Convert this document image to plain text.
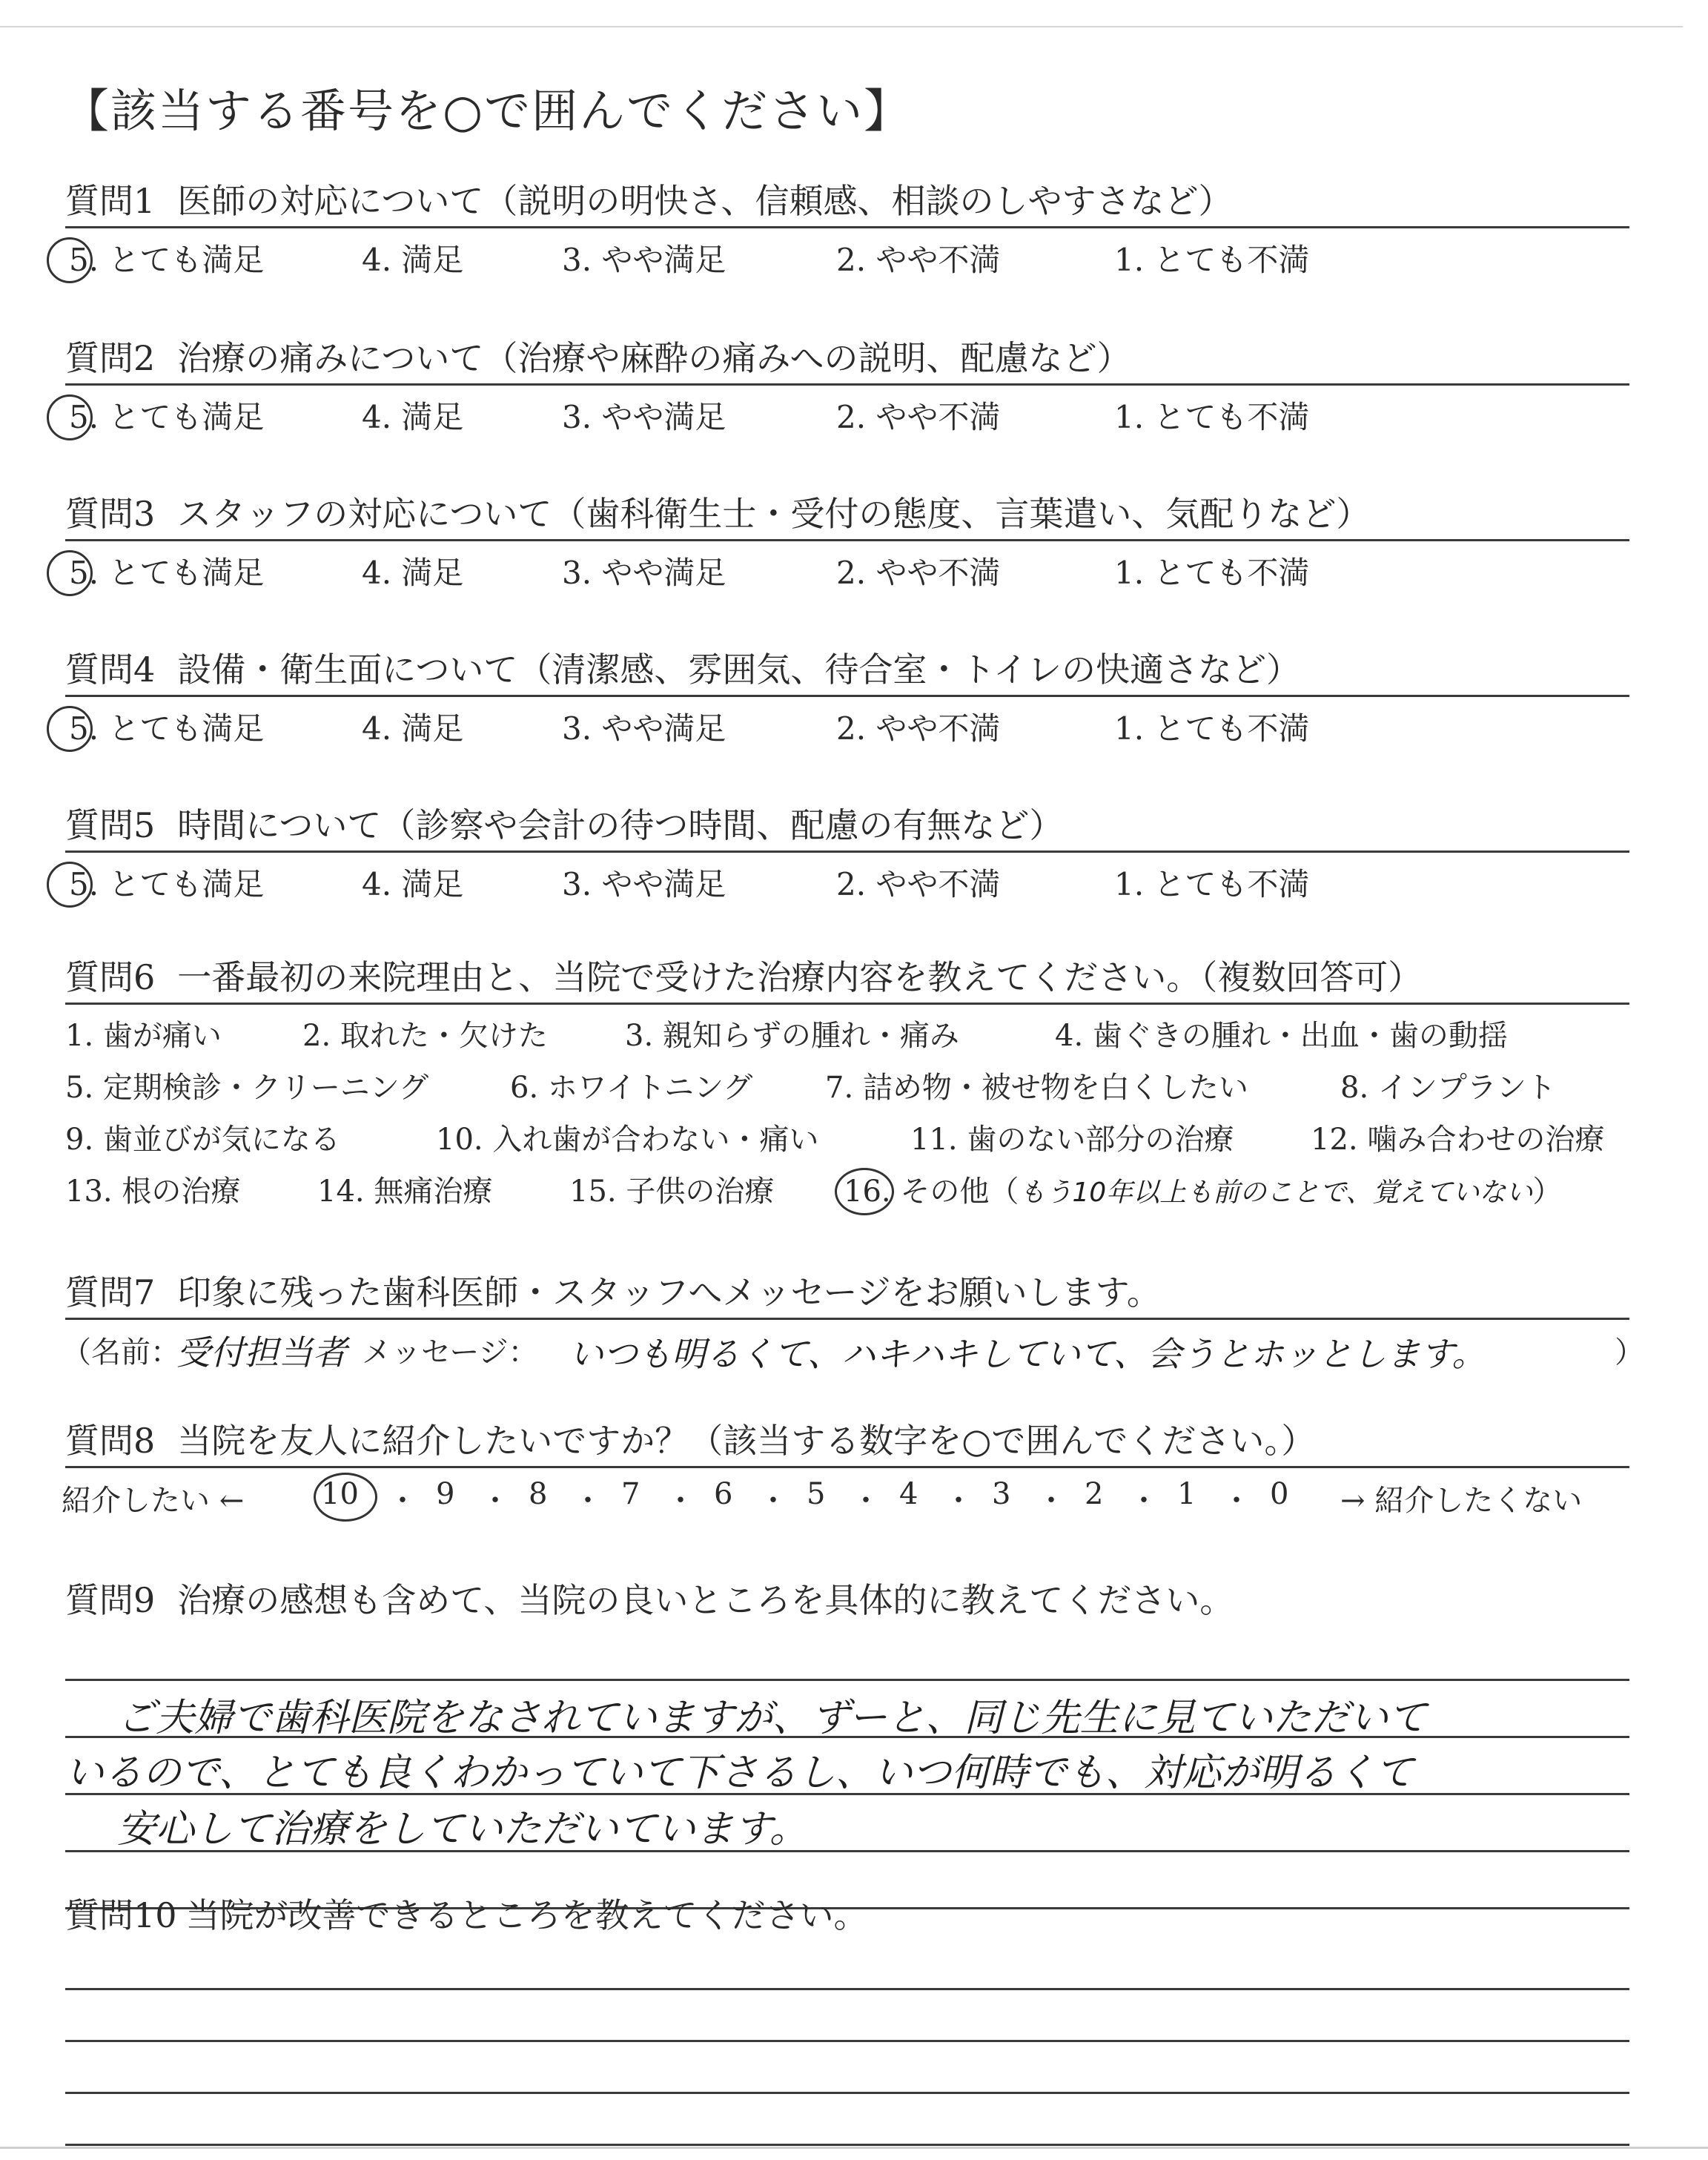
【該当する番号を○で囲んでください】
質問1 医師の対応について（説明の明快さ、信頼感、相談のしやすさなど）
5. とても満足	4. 満足	3. やや満足	2. やや不満	1. とても不満
質問2 治療の痛みについて（治療や麻酔の痛みへの説明、配慮など）
5. とても満足	4. 満足	3. やや満足	2. やや不満	1. とても不満
質問3 スタッフの対応について（歯科衛生士・受付の態度、言葉遣い、気配りなど）
5. とても満足	4. 満足	3. やや満足	2. やや不満	1. とても不満
質問4 設備・衛生面について（清潔感、雰囲気、待合室・トイレの快適さなど）
5. とても満足	4. 満足	3. やや満足	2. やや不満	1. とても不満
質問5 時間について（診察や会計の待つ時間、配慮の有無など）
5. とても満足	4. 満足	3. やや満足	2. やや不満	1. とても不満
質問6 一番最初の来院理由と、当院で受けた治療内容を教えてください。（複数回答可）
1. 歯が痛い	2. 取れた・欠けた	3. 親知らずの腫れ・痛み	4. 歯ぐきの腫れ・出血・歯の動揺
5. 定期検診・クリーニング	6. ホワイトニング 7. 詰め物・被せ物を白くしたい	8. インプラント
9. 歯並びが気になる	10. 入れ歯が合わない・痛い	11. 歯のない部分の治療	12. 噛み合わせの治療
13. 根の治療	14. 無痛治療	15. 子供の治療 16. その他（もう10年以上も前のことで、覚えていない）
質問7 印象に残った歯科医師・スタッフへメッセージをお願いします。
（名前：
受付担当者 メッセージ： いつも明るくて、ハキハキしていて、会うとホッとします。	）
質問8 当院を友人に紹介したいですか？（該当する数字を○で囲んでください。）
紹介したい ←	10 ・ 9 ・ 8 ・ 7 ・ 6 ・ 5 ・ 4 ・ 3 ・ 2 ・ 1 ・ 0 → 紹介したくない
質問9 治療の感想も含めて、当院の良いところを具体的に教えてください。
ご夫婦で歯科医院をなされていますが、ずーと、同じ先生に見ていただいて
いるので、とても良くわかっていて下さるし、いつ何時でも、対応が明るくて
安心して治療をしていただいています。
質問10 当院が改善できるところを教えてください。
